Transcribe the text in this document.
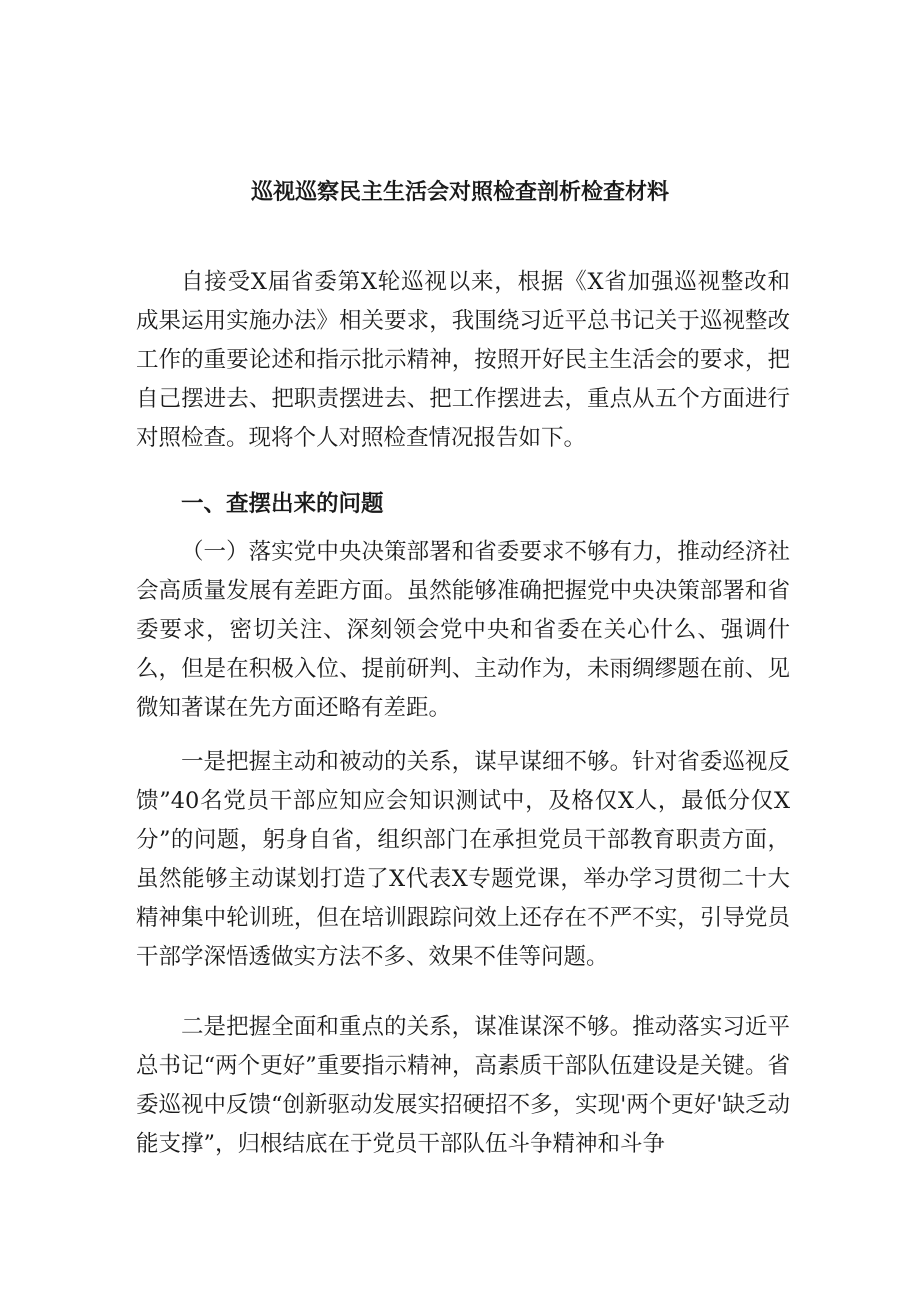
巡视巡察民主生活会对照检查剖析检查材料
自接受X届省委第X轮巡视以来，根据《X省加强巡视整改和成果运用实施办法》相关要求，我围绕习近平总书记关于巡视整改工作的重要论述和指示批示精神，按照开好民主生活会的要求，把自己摆进去、把职责摆进去、把工作摆进去，重点从五个方面进行对照检查。现将个人对照检查情况报告如下。
一、查摆出来的问题
（一）落实党中央决策部署和省委要求不够有力，推动经济社会高质量发展有差距方面。虽然能够准确把握党中央决策部署和省委要求，密切关注、深刻领会党中央和省委在关心什么、强调什么，但是在积极入位、提前研判、主动作为，未雨绸缪题在前、见微知著谋在先方面还略有差距。
一是把握主动和被动的关系，谋早谋细不够。针对省委巡视反馈”40名党员干部应知应会知识测试中，及格仅X人，最低分仅X分”的问题，躬身自省，组织部门在承担党员干部教育职责方面，虽然能够主动谋划打造了X代表X专题党课，举办学习贯彻二十大精神集中轮训班，但在培训跟踪问效上还存在不严不实，引导党员干部学深悟透做实方法不多、效果不佳等问题。
二是把握全面和重点的关系，谋准谋深不够。推动落实习近平总书记“两个更好”重要指示精神，高素质干部队伍建设是关键。省委巡视中反馈“创新驱动发展实招硬招不多，实现'两个更好'缺乏动能支撑”，归根结底在于党员干部队伍斗争精神和斗争
